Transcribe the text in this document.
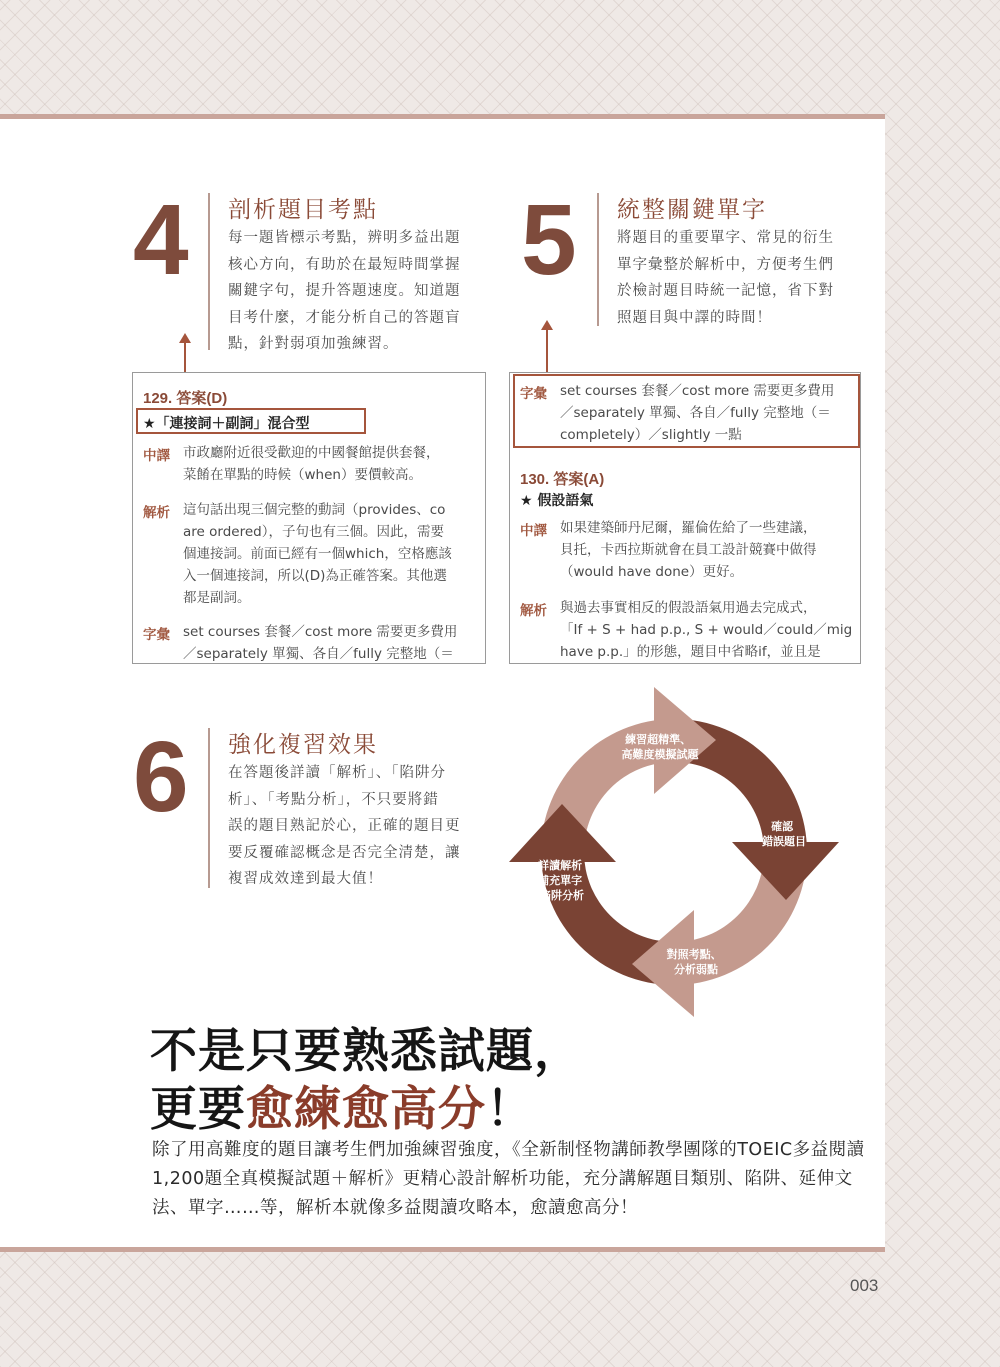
4 剖析題目考點
每一題皆標示考點，辨明多益出題
核心方向，有助於在最短時間掌握
關鍵字句，提升答題速度。知道題
目考什麼，才能分析自己的答題盲
點，針對弱項加強練習。
5 統整關鍵單字
將題目的重要單字、常見的衍生
單字彙整於解析中，方便考生們
於檢討題目時統一記憶，省下對
照題目與中譯的時間！
129. 答案(D)
★「連接詞＋副詞」混合型
中譯 市政廳附近很受歡迎的中國餐館提供套餐，
菜餚在單點的時候（when）要價較高。
解析 這句話出現三個完整的動詞（provides、co
are ordered），子句也有三個。因此，需要
個連接詞。前面已經有一個which，空格應該
入一個連接詞，所以(D)為正確答案。其他選
都是副詞。
字彙 set courses 套餐／cost more 需要更多費用
／separately 單獨、各自／fully 完整地（＝
字彙 set courses 套餐／cost more 需要更多費用
／separately 單獨、各自／fully 完整地（＝
completely）／slightly 一點
130. 答案(A)
★ 假設語氣
中譯 如果建築師丹尼爾，羅倫佐給了一些建議，
貝托，卡西拉斯就會在員工設計競賽中做得
（would have done）更好。
解析 與過去事實相反的假設語氣用過去完成式，
「If + S + had p.p., S + would／could／mig
have p.p.」的形態，題目中省略if，並且是
6 強化複習效果
在答題後詳讀「解析」、「陷阱分
析」、「考點分析」，不只要將錯
誤的題目熟記於心，正確的題目更
要反覆確認概念是否完全清楚，讓
複習成效達到最大值！
練習超精準、 高難度模擬試題
確認 錯誤題目
對照考點、 分析弱點
詳讀解析 補充單字 陷阱分析
不是只要熟悉試題，
更要愈練愈高分！
除了用高難度的題目讓考生們加強練習強度，《全新制怪物講師教學團隊的TOEIC多益閱讀1,200題全真模擬試題＋解析》更精心設計解析功能，充分講解題目類別、陷阱、延伸文法、單字……等，解析本就像多益閱讀攻略本，愈讀愈高分！
003
